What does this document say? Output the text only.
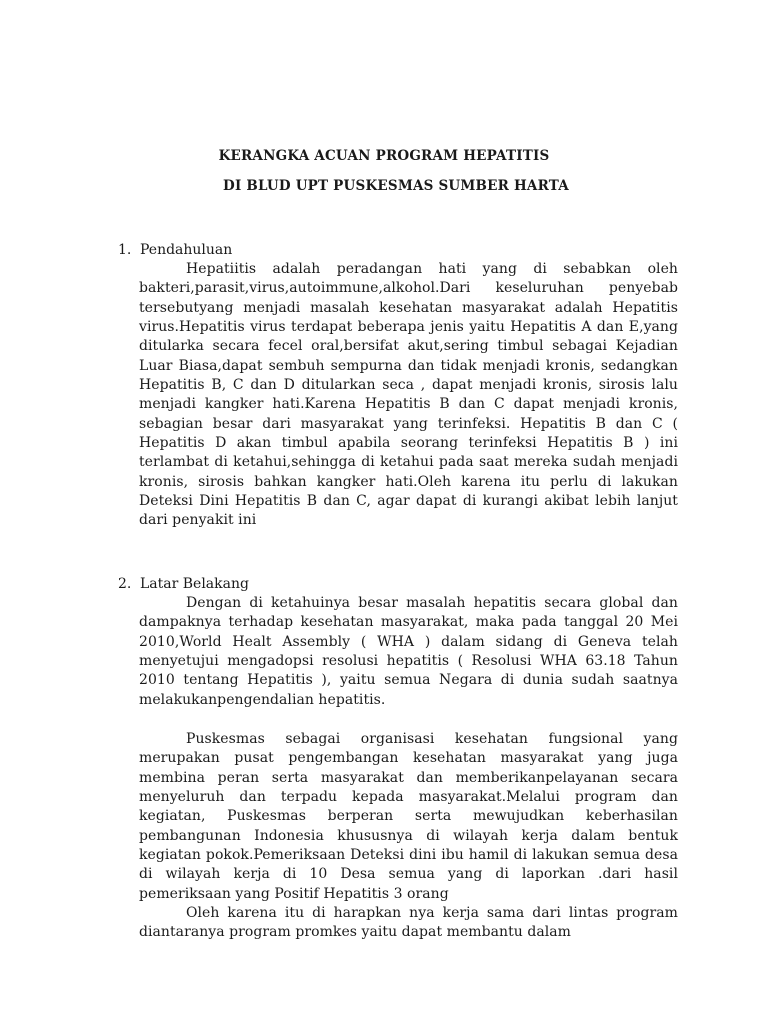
KERANGKA ACUAN PROGRAM HEPATITIS
DI BLUD UPT PUSKESMAS SUMBER HARTA

1. Pendahuluan

Hepatiitis adalah peradangan hati yang di sebabkan oleh bakteri,parasit,virus,autoimmune,alkohol.Dari keseluruhan penyebab tersebutyang menjadi masalah kesehatan masyarakat adalah Hepatitis virus.Hepatitis virus terdapat beberapa jenis yaitu Hepatitis A dan E,yang ditularka secara fecel oral,bersifat akut,sering timbul sebagai Kejadian Luar Biasa,dapat sembuh sempurna dan tidak menjadi kronis, sedangkan Hepatitis B, C dan D ditularkan seca , dapat menjadi kronis, sirosis lalu menjadi kangker hati.Karena Hepatitis B dan C dapat menjadi kronis, sebagian besar dari masyarakat yang terinfeksi. Hepatitis B dan C ( Hepatitis D akan timbul apabila seorang terinfeksi Hepatitis B ) ini terlambat di ketahui,sehingga di ketahui pada saat mereka sudah menjadi kronis, sirosis bahkan kangker hati.Oleh karena itu perlu di lakukan Deteksi Dini Hepatitis B dan C, agar dapat di kurangi akibat lebih lanjut dari penyakit ini

2. Latar Belakang

Dengan di ketahuinya besar masalah hepatitis secara global dan dampaknya terhadap kesehatan masyarakat, maka pada tanggal 20 Mei 2010,World Healt Assembly ( WHA ) dalam sidang di Geneva telah menyetujui mengadopsi resolusi hepatitis ( Resolusi WHA 63.18 Tahun 2010 tentang Hepatitis ), yaitu semua Negara di dunia sudah saatnya melakukanpengendalian hepatitis.

Puskesmas sebagai organisasi kesehatan fungsional yang merupakan pusat pengembangan kesehatan masyarakat yang juga membina peran serta masyarakat dan memberikanpelayanan secara menyeluruh dan terpadu kepada masyarakat.Melalui program dan kegiatan, Puskesmas berperan serta mewujudkan keberhasilan pembangunan Indonesia khususnya di wilayah kerja dalam bentuk kegiatan pokok.Pemeriksaan Deteksi dini ibu hamil di lakukan semua desa di wilayah kerja di 10 Desa semua yang di laporkan .dari hasil pemeriksaan yang Positif Hepatitis 3 orang

Oleh karena itu di harapkan nya kerja sama dari lintas program diantaranya program promkes yaitu dapat membantu dalam
